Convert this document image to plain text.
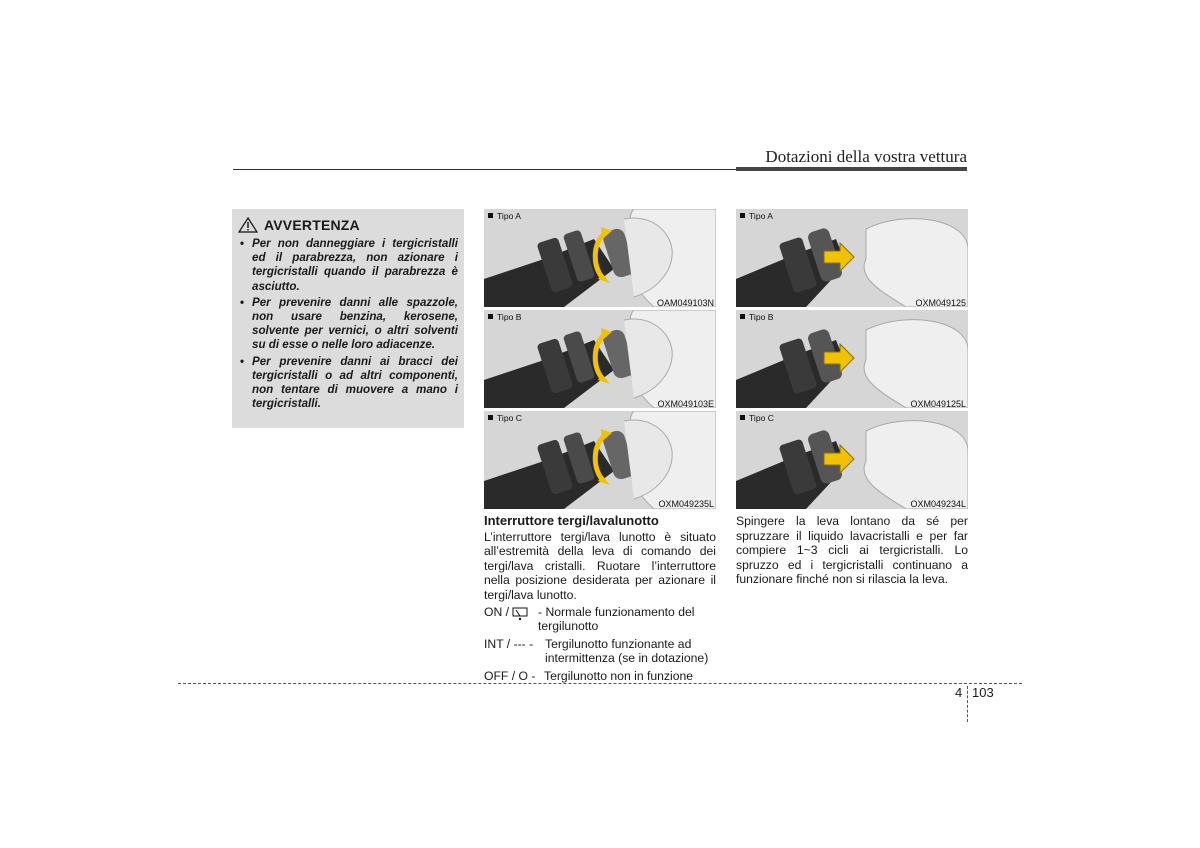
Dotazioni della vostra vettura
AVVERTENZA
• Per non danneggiare i tergicristalli ed il parabrezza, non azionare i tergicristalli quando il parabrezza è asciutto.
• Per prevenire danni alle spazzole, non usare benzina, kerosene, solvente per vernici, o altri solventi su di esse o nelle loro adiacenze.
• Per prevenire danni ai bracci dei tergicristalli o ad altri componenti, non tentare di muovere a mano i tergicristalli.
Tipo A
OAM049103N
Tipo B
OXM049103E
Tipo C
OXM049235L
Tipo A
OXM049125
Tipo B
OXM049125L
Tipo C
OXM049234L
Interruttore tergi/lavalunotto

L’interruttore tergi/lava lunotto è situato all’estremità della leva di comando dei tergi/lava cristalli. Ruotare l’interruttore nella posizione desiderata per azionare il tergi/lava lunotto.

ON / - Normale funzionamento del tergilunotto
INT / --- - Tergilunotto funzionante ad intermittenza (se in dotazione)
OFF / O - Tergilunotto non in funzione

Spingere la leva lontano da sé per spruzzare il liquido lavacristalli e per far compiere 1~3 cicli ai tergicristalli. Lo spruzzo ed i tergicristalli continuano a funzionare finché non si rilascia la leva.

4 103
